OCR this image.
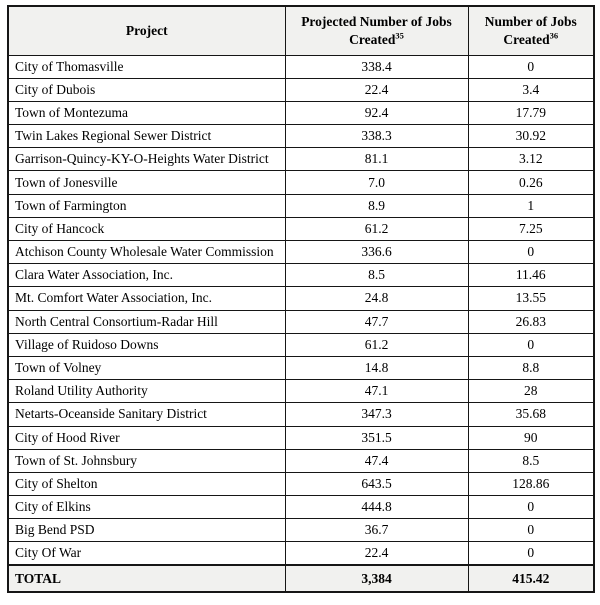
Project	Projected Number of Jobs Created$^{35}$	Number of Jobs Created$^{36}$
City of Thomasville	338.4	0
City of Dubois	22.4	3.4
Town of Montezuma	92.4	17.79
Twin Lakes Regional Sewer District	338.3	30.92
Garrison-Quincy-KY-O-Heights Water District	81.1	3.12
Town of Jonesville	7.0	0.26
Town of Farmington	8.9	1
City of Hancock	61.2	7.25
Atchison County Wholesale Water Commission	336.6	0
Clara Water Association, Inc.	8.5	11.46
Mt. Comfort Water Association, Inc.	24.8	13.55
North Central Consortium-Radar Hill	47.7	26.83
Village of Ruidoso Downs	61.2	0
Town of Volney	14.8	8.8
Roland Utility Authority	47.1	28
Netarts-Oceanside Sanitary District	347.3	35.68
City of Hood River	351.5	90
Town of St. Johnsbury	47.4	8.5
City of Shelton	643.5	128.86
City of Elkins	444.8	0
Big Bend PSD	36.7	0
City Of War	22.4	0
TOTAL	3,384	415.42
